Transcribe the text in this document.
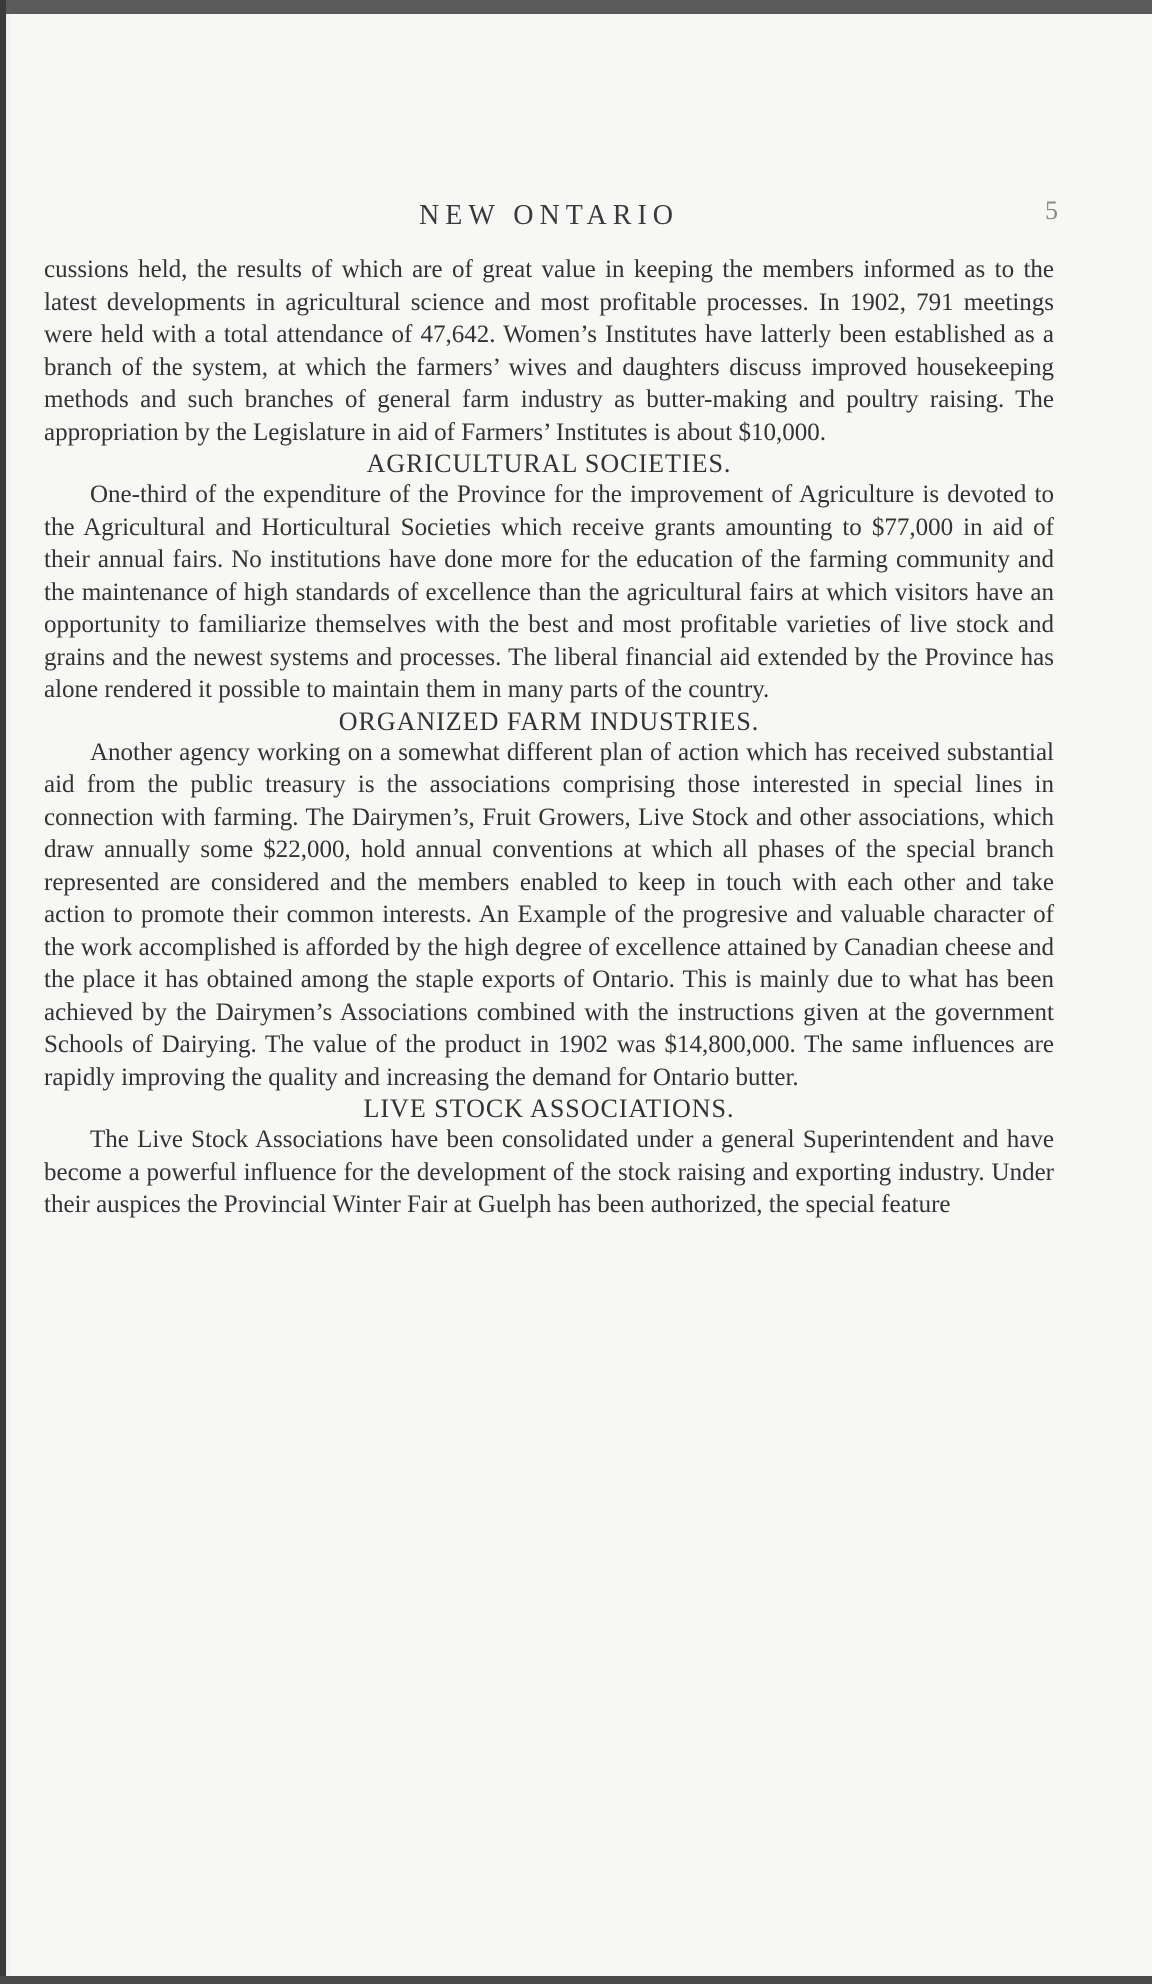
NEW ONTARIO	5

cussions held, the results of which are of great value in keeping the members informed as to the latest developments in agricultural science and most profitable processes. In 1902, 791 meetings were held with a total attendance of 47,642. Women’s Institutes have latterly been established as a branch of the system, at which the farmers’ wives and daughters discuss improved housekeeping methods and such branches of general farm industry as butter-making and poultry raising. The appropriation by the Legislature in aid of Farmers’ Institutes is about $10,000.

AGRICULTURAL SOCIETIES.

One-third of the expenditure of the Province for the improvement of Agriculture is devoted to the Agricultural and Horticultural Societies which receive grants amounting to $77,000 in aid of their annual fairs. No institutions have done more for the education of the farming community and the maintenance of high standards of excellence than the agricultural fairs at which visitors have an opportunity to familiarize themselves with the best and most profitable varieties of live stock and grains and the newest systems and processes. The liberal financial aid extended by the Province has alone rendered it possible to maintain them in many parts of the country.

ORGANIZED FARM INDUSTRIES.

Another agency working on a somewhat different plan of action which has received substantial aid from the public treasury is the associations comprising those interested in special lines in connection with farming. The Dairymen’s, Fruit Growers, Live Stock and other associations, which draw annually some $22,000, hold annual conventions at which all phases of the special branch represented are considered and the members enabled to keep in touch with each other and take action to promote their common interests. An Example of the progresive and valuable character of the work accomplished is afforded by the high degree of excellence attained by Canadian cheese and the place it has obtained among the staple exports of Ontario. This is mainly due to what has been achieved by the Dairymen’s Associations combined with the instructions given at the government Schools of Dairying. The value of the product in 1902 was $14,800,000. The same influences are rapidly improving the quality and increasing the demand for Ontario butter.

LIVE STOCK ASSOCIATIONS.

The Live Stock Associations have been consolidated under a general Superintendent and have become a powerful influence for the development of the stock raising and exporting industry. Under their auspices the Provincial Winter Fair at Guelph has been authorized, the special feature
